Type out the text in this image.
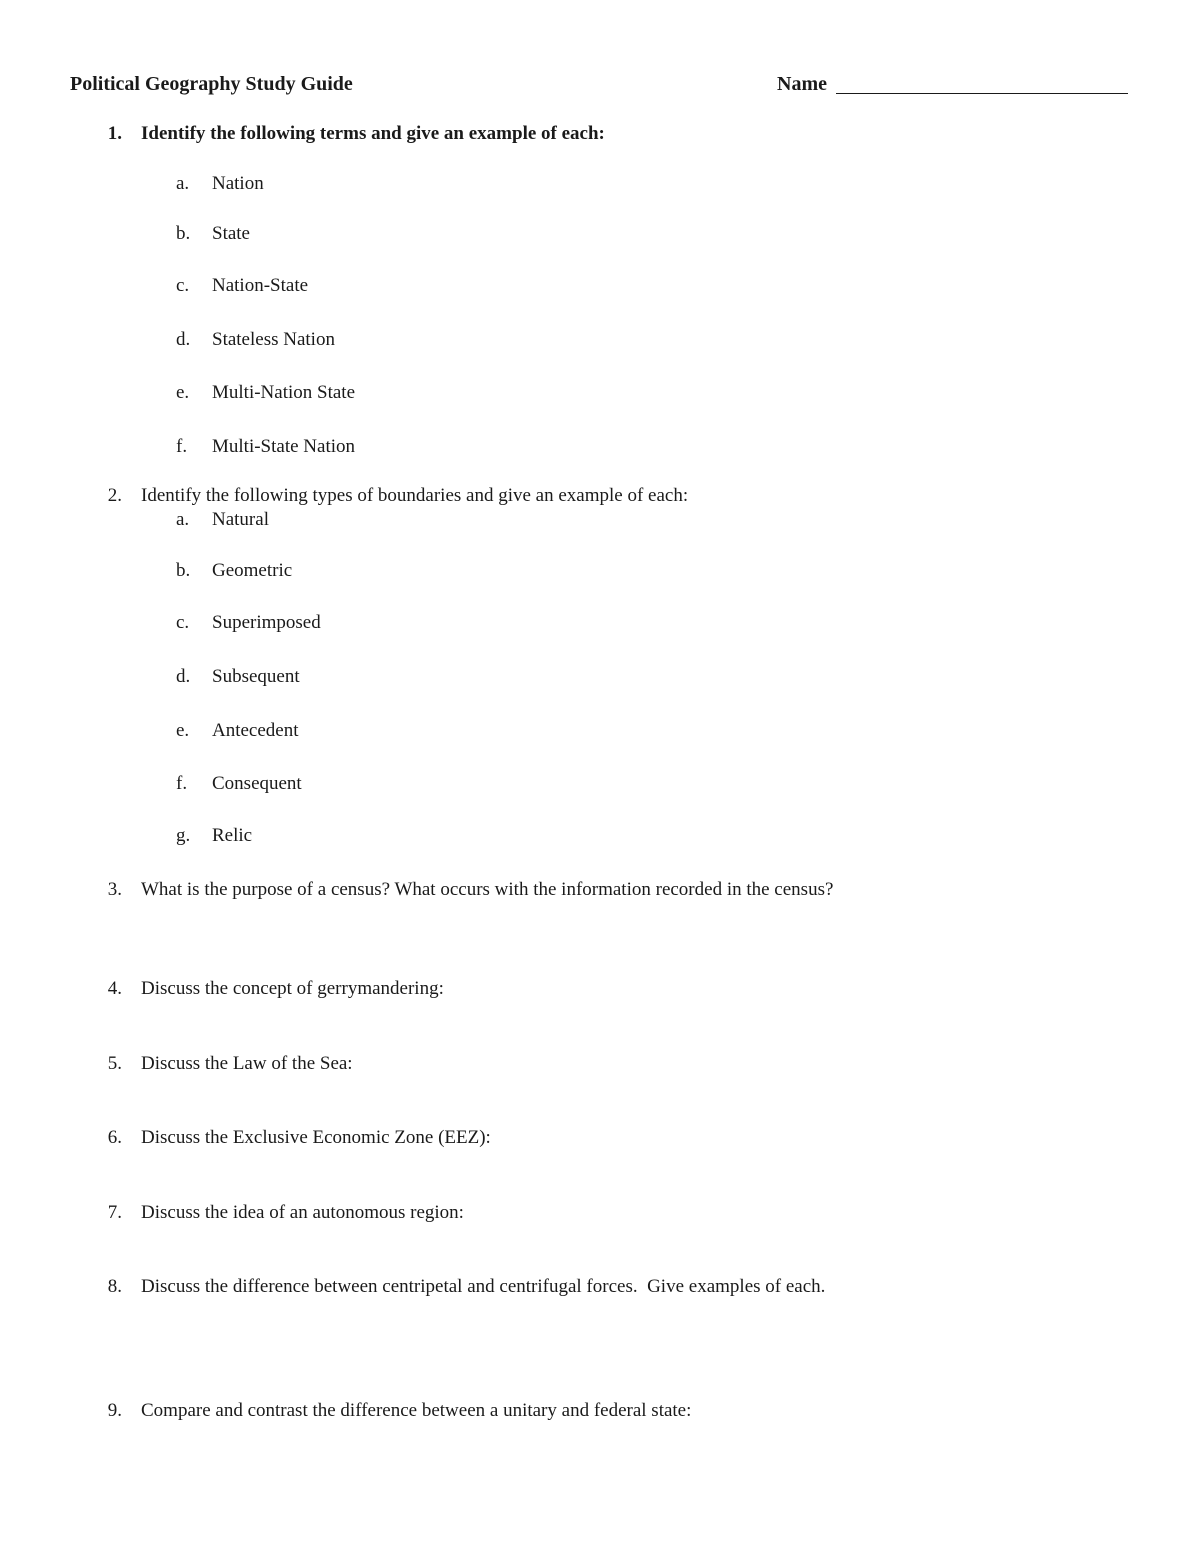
Political Geography Study Guide	Name
1. Identify the following terms and give an example of each:
a.	Nation
b.	State
c.	Nation-State
d.	Stateless Nation
e.	Multi-Nation State
f.	Multi-State Nation
2. Identify the following types of boundaries and give an example of each:
a.	Natural
b.	Geometric
c.	Superimposed
d.	Subsequent
e.	Antecedent
f.	Consequent
g.	Relic
3. What is the purpose of a census? What occurs with the information recorded in the census?
4. Discuss the concept of gerrymandering:
5. Discuss the Law of the Sea:
6. Discuss the Exclusive Economic Zone (EEZ):
7. Discuss the idea of an autonomous region:
8. Discuss the difference between centripetal and centrifugal forces.  Give examples of each.
9. Compare and contrast the difference between a unitary and federal state:
